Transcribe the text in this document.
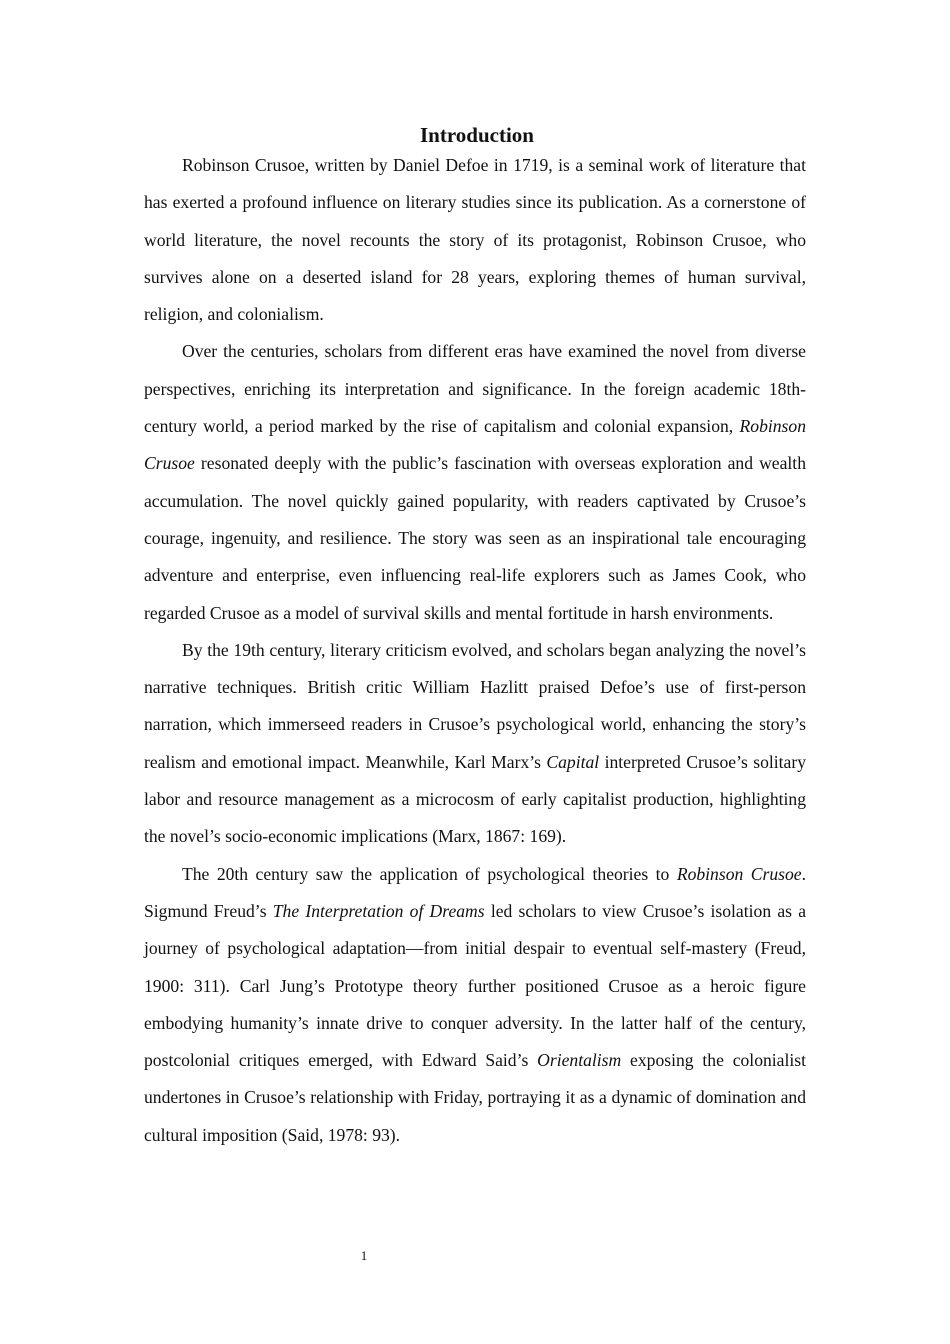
Introduction

Robinson Crusoe, written by Daniel Defoe in 1719, is a seminal work of literature that has exerted a profound influence on literary studies since its publication. As a cornerstone of world literature, the novel recounts the story of its protagonist, Robinson Crusoe, who survives alone on a deserted island for 28 years, exploring themes of human survival, religion, and colonialism.

Over the centuries, scholars from different eras have examined the novel from diverse perspectives, enriching its interpretation and significance. In the foreign academic 18th-century world, a period marked by the rise of capitalism and colonial expansion, Robinson Crusoe resonated deeply with the public’s fascination with overseas exploration and wealth accumulation. The novel quickly gained popularity, with readers captivated by Crusoe’s courage, ingenuity, and resilience. The story was seen as an inspirational tale encouraging adventure and enterprise, even influencing real-life explorers such as James Cook, who regarded Crusoe as a model of survival skills and mental fortitude in harsh environments.

By the 19th century, literary criticism evolved, and scholars began analyzing the novel’s narrative techniques. British critic William Hazlitt praised Defoe’s use of first-person narration, which immerseed readers in Crusoe’s psychological world, enhancing the story’s realism and emotional impact. Meanwhile, Karl Marx’s Capital interpreted Crusoe’s solitary labor and resource management as a microcosm of early capitalist production, highlighting the novel’s socio-economic implications (Marx, 1867: 169).

The 20th century saw the application of psychological theories to Robinson Crusoe. Sigmund Freud’s The Interpretation of Dreams led scholars to view Crusoe’s isolation as a journey of psychological adaptation—from initial despair to eventual self-mastery (Freud, 1900: 311). Carl Jung’s Prototype theory further positioned Crusoe as a heroic figure embodying humanity’s innate drive to conquer adversity. In the latter half of the century, postcolonial critiques emerged, with Edward Said’s Orientalism exposing the colonialist undertones in Crusoe’s relationship with Friday, portraying it as a dynamic of domination and cultural imposition (Said, 1978: 93).

1
